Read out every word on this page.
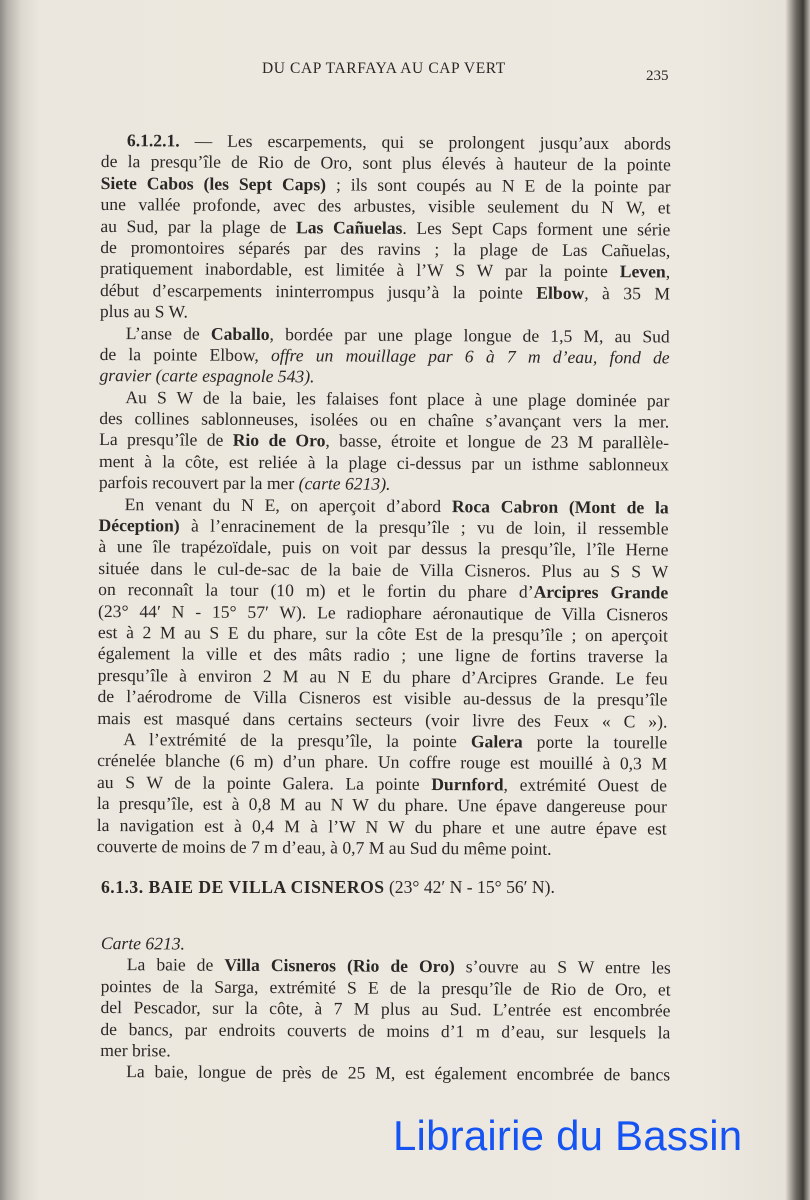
DU CAP TARFAYA AU CAP VERT	235
6.1.2.1. — Les escarpements, qui se prolongent jusqu’aux abords
de la presqu’île de Rio de Oro, sont plus élevés à hauteur de la pointe
Siete Cabos (les Sept Caps) ; ils sont coupés au N E de la pointe par
une vallée profonde, avec des arbustes, visible seulement du N W, et
au Sud, par la plage de Las Cañuelas. Les Sept Caps forment une série
de promontoires séparés par des ravins ; la plage de Las Cañuelas,
pratiquement inabordable, est limitée à l’W S W par la pointe Leven,
début d’escarpements ininterrompus jusqu’à la pointe Elbow, à 35 M
plus au S W.
L’anse de Caballo, bordée par une plage longue de 1,5 M, au Sud
de la pointe Elbow, offre un mouillage par 6 à 7 m d’eau, fond de
gravier (carte espagnole 543).
Au S W de la baie, les falaises font place à une plage dominée par
des collines sablonneuses, isolées ou en chaîne s’avançant vers la mer.
La presqu’île de Rio de Oro, basse, étroite et longue de 23 M parallèle-
ment à la côte, est reliée à la plage ci-dessus par un isthme sablonneux
parfois recouvert par la mer (carte 6213).
En venant du N E, on aperçoit d’abord Roca Cabron (Mont de la
Déception) à l’enracinement de la presqu’île ; vu de loin, il ressemble
à une île trapézoïdale, puis on voit par dessus la presqu’île, l’île Herne
située dans le cul-de-sac de la baie de Villa Cisneros. Plus au S S W
on reconnaît la tour (10 m) et le fortin du phare d’Arcipres Grande
(23° 44′ N - 15° 57′ W). Le radiophare aéronautique de Villa Cisneros
est à 2 M au S E du phare, sur la côte Est de la presqu’île ; on aperçoit
également la ville et des mâts radio ; une ligne de fortins traverse la
presqu’île à environ 2 M au N E du phare d’Arcipres Grande. Le feu
de l’aérodrome de Villa Cisneros est visible au-dessus de la presqu’île
mais est masqué dans certains secteurs (voir livre des Feux « C »).
A l’extrémité de la presqu’île, la pointe Galera porte la tourelle
crénelée blanche (6 m) d’un phare. Un coffre rouge est mouillé à 0,3 M
au S W de la pointe Galera. La pointe Durnford, extrémité Ouest de
la presqu’île, est à 0,8 M au N W du phare. Une épave dangereuse pour
la navigation est à 0,4 M à l’W N W du phare et une autre épave est
couverte de moins de 7 m d’eau, à 0,7 M au Sud du même point.
6.1.3. BAIE DE VILLA CISNEROS (23° 42′ N - 15° 56′ N).
Carte 6213.
La baie de Villa Cisneros (Rio de Oro) s’ouvre au S W entre les
pointes de la Sarga, extrémité S E de la presqu’île de Rio de Oro, et
del Pescador, sur la côte, à 7 M plus au Sud. L’entrée est encombrée
de bancs, par endroits couverts de moins d’1 m d’eau, sur lesquels la
mer brise.
La baie, longue de près de 25 M, est également encombrée de bancs
Librairie du Bassin
